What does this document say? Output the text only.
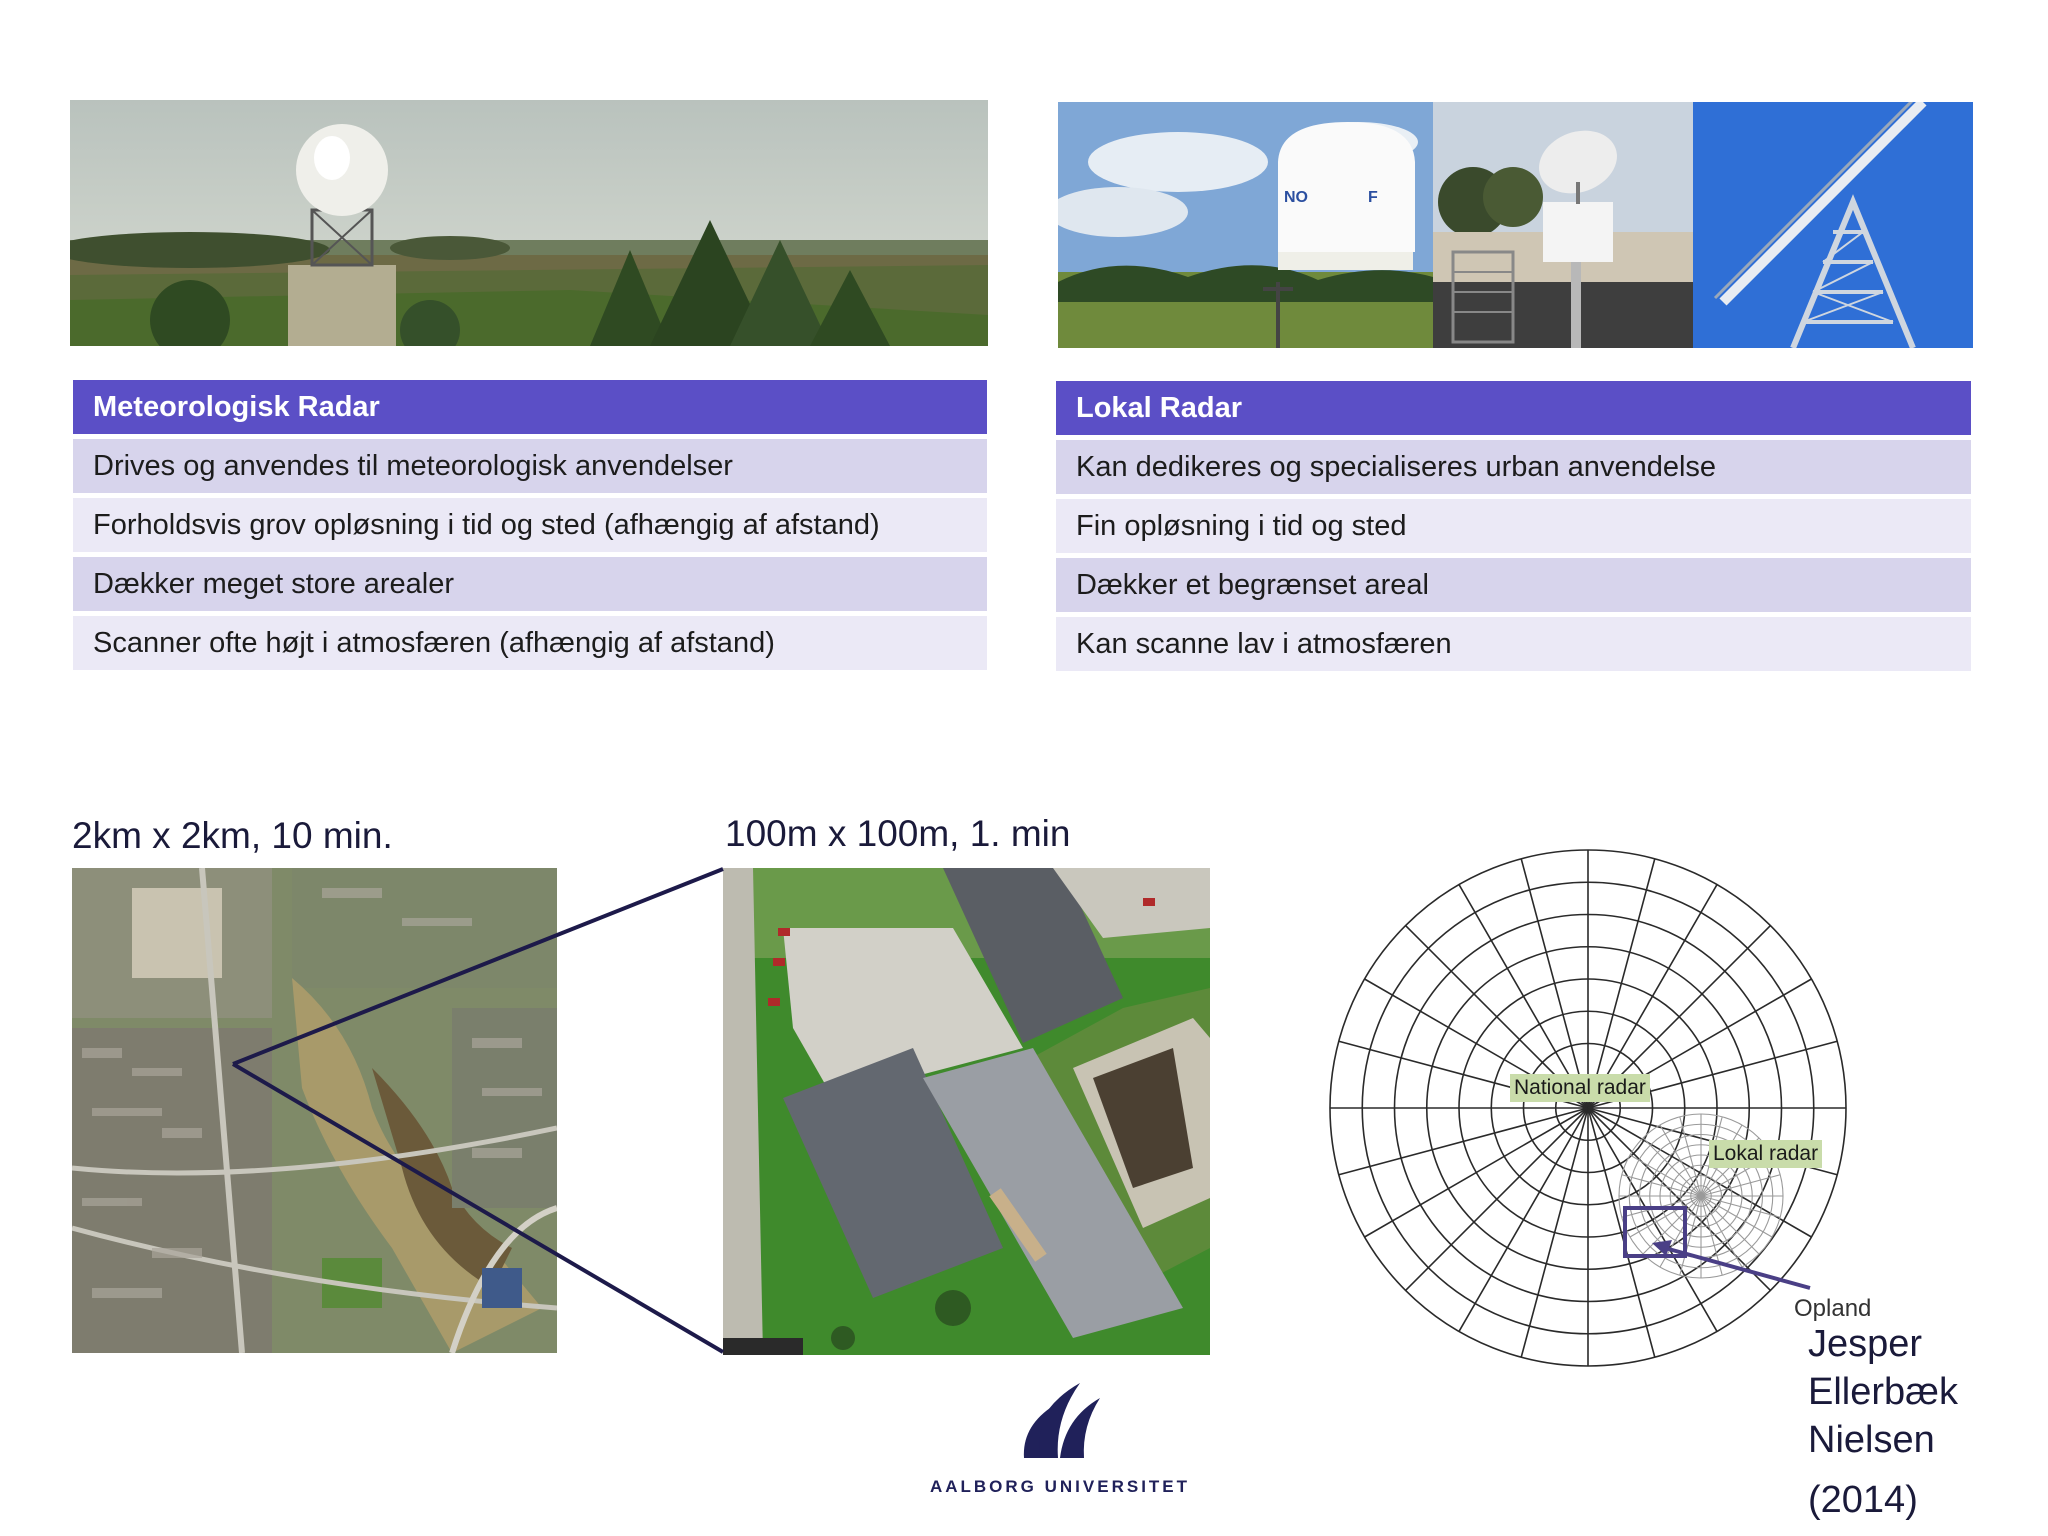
NO	F
Meteorologisk Radar
Drives og anvendes til meteorologisk anvendelser
Forholdsvis grov opløsning i tid og sted (afhængig af afstand)
Dækker meget store arealer
Scanner ofte højt i atmosfæren (afhængig af afstand)
Lokal Radar
Kan dedikeres og specialiseres urban anvendelse
Fin opløsning i tid og sted
Dækker et begrænset areal
Kan scanne lav i atmosfæren
2km x 2km, 10 min.	100m x 100m, 1. min
National radar
Lokal radar
Opland
Jesper
Ellerbæk
Nielsen
(2014)
AALBORG UNIVERSITET
